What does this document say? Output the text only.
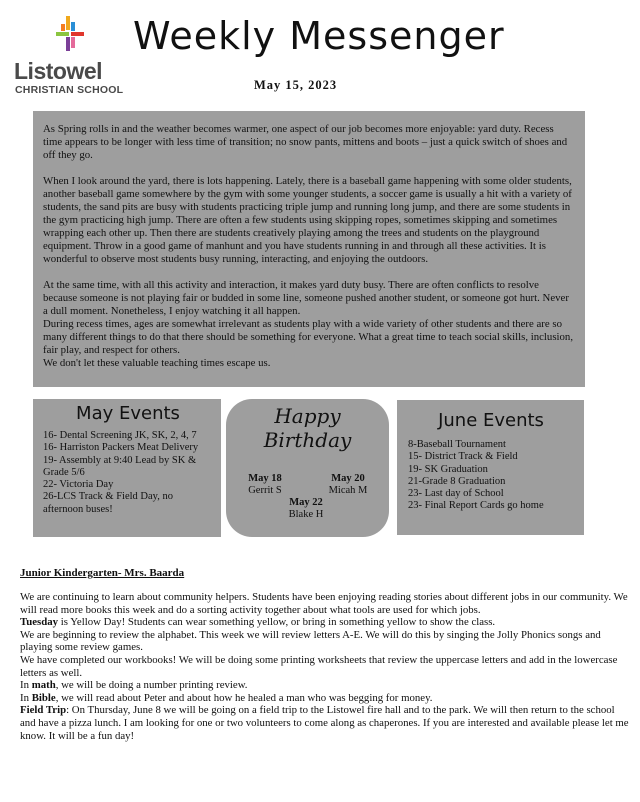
Listowel
CHRISTIAN SCHOOL
Weekly Messenger
May 15, 2023

As Spring rolls in and the weather becomes warmer, one aspect of our job becomes more enjoyable: yard duty. Recess time appears to be longer with less time of transition; no snow pants, mittens and boots – just a quick switch of shoes and off they go.

When I look around the yard, there is lots happening. Lately, there is a baseball game happening with some older students, another baseball game somewhere by the gym with some younger students, a soccer game is usually a hit with a variety of students, the sand pits are busy with students practicing triple jump and running long jump, and there are some students in the gym practicing high jump. There are often a few students using skipping ropes, sometimes skipping and sometimes wrapping each other up. Then there are students creatively playing among the trees and students on the playground equipment. Throw in a good game of manhunt and you have students running in and through all these activities. It is wonderful to observe most students busy running, interacting, and enjoying the outdoors.

At the same time, with all this activity and interaction, it makes yard duty busy. There are often conflicts to resolve because someone is not playing fair or budded in some line, someone pushed another student, or someone got hurt. Never a dull moment. Nonetheless, I enjoy watching it all happen.

During recess times, ages are somewhat irrelevant as students play with a wide variety of other students and there are so many different things to do that there should be something for everyone. What a great time to teach social skills, inclusion, fair play, and respect for others.

We don't let these valuable teaching times escape us.

May Events
16- Dental Screening JK, SK, 2, 4, 7
16- Harriston Packers Meat Delivery
19- Assembly at 9:40 Lead by SK & Grade 5/6
22- Victoria Day
26-LCS Track & Field Day, no afternoon buses!
Happy
Birthday
May 18
Gerrit S
May 20
Micah M
May 22
Blake H
June Events
8-Baseball Tournament
15- District Track & Field
19- SK Graduation
21-Grade 8 Graduation
23- Last day of School
23- Final Report Cards go home
Junior Kindergarten- Mrs. Baarda

We are continuing to learn about community helpers. Students have been enjoying reading stories about different jobs in our community. We will read more books this week and do a sorting activity together about what tools are used for which jobs.

Tuesday is Yellow Day! Students can wear something yellow, or bring in something yellow to show the class.

We are beginning to review the alphabet. This week we will review letters A-E. We will do this by singing the Jolly Phonics songs and playing some review games.

We have completed our workbooks! We will be doing some printing worksheets that review the uppercase letters and add in the lowercase letters as well.

In math, we will be doing a number printing review.

In Bible, we will read about Peter and about how he healed a man who was begging for money.

Field Trip: On Thursday, June 8 we will be going on a field trip to the Listowel fire hall and to the park. We will then return to the school and have a pizza lunch. I am looking for one or two volunteers to come along as chaperones. If you are interested and available please let me know. It will be a fun day!
